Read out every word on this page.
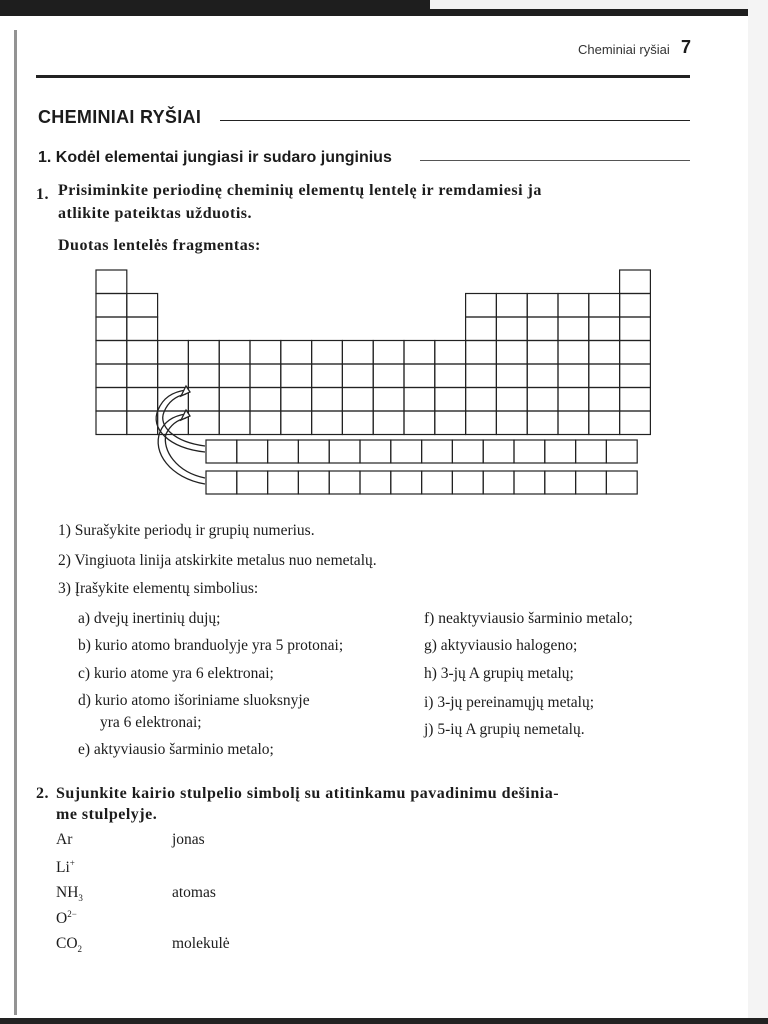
Cheminiai ryšiai 7
CHEMINIAI RYŠIAI
1. Kodėl elementai jungiasi ir sudaro junginius
1. Prisiminkite periodinę cheminių elementų lentelę ir remdamiesi ja
atlikite pateiktas užduotis.
Duotas lentelės fragmentas:
1) Surašykite periodų ir grupių numerius.
2) Vingiuota linija atskirkite metalus nuo nemetalų.
3) Įrašykite elementų simbolius:
a) dvejų inertinių dujų;
b) kurio atomo branduolyje yra 5 protonai;
c) kurio atome yra 6 elektronai;
d) kurio atomo išoriniame sluoksnyje
yra 6 elektronai;
e) aktyviausio šarminio metalo;
f) neaktyviausio šarminio metalo;
g) aktyviausio halogeno;
h) 3-jų A grupių metalų;
i) 3-jų pereinamųjų metalų;
j) 5-ių A grupių nemetalų.
2. Sujunkite kairio stulpelio simbolį su atitinkamu pavadinimu dešinia-
me stulpelyje.
Ar
Li+
$NH_3$
$O^{2-}$
$CO_2$
jonas
atomas
molekulė
